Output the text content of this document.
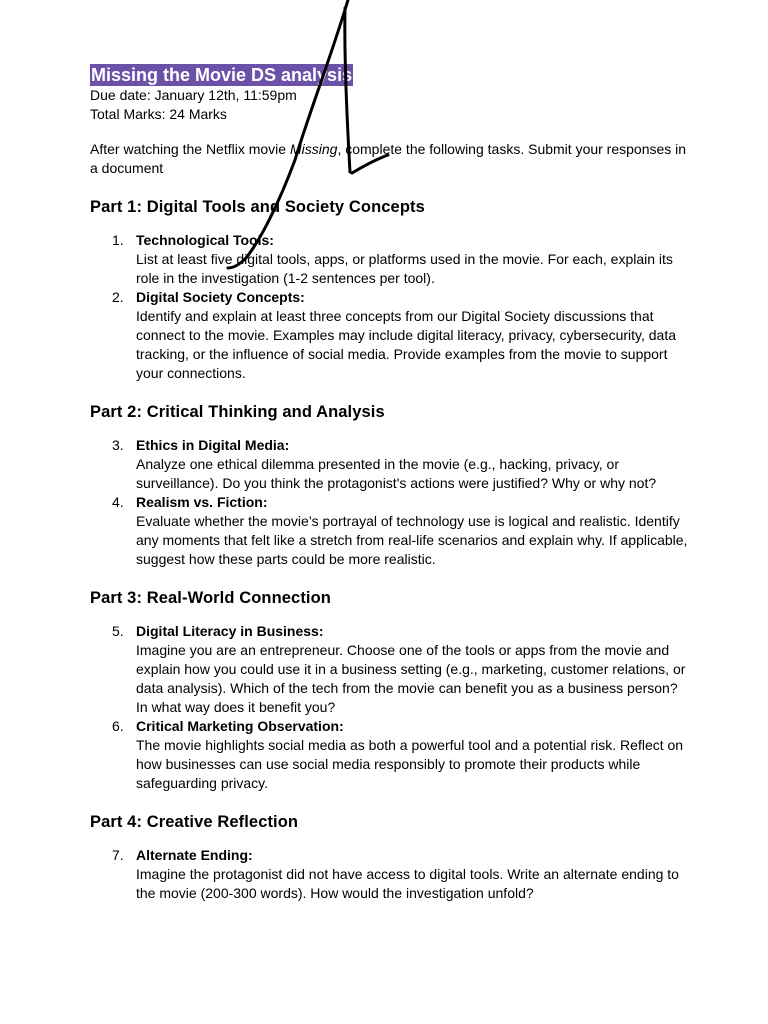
Missing the Movie DS analysis

Due date: January 12th, 11:59pm

Total Marks: 24 Marks

After watching the Netflix movie Missing, complete the following tasks. Submit your responses in a document

Part 1: Digital Tools and Society Concepts
1. Technological Tools:
List at least five digital tools, apps, or platforms used in the movie. For each, explain its role in the investigation (1-2 sentences per tool).
2. Digital Society Concepts:
Identify and explain at least three concepts from our Digital Society discussions that connect to the movie. Examples may include digital literacy, privacy, cybersecurity, data tracking, or the influence of social media. Provide examples from the movie to support your connections.
Part 2: Critical Thinking and Analysis
3. Ethics in Digital Media:
Analyze one ethical dilemma presented in the movie (e.g., hacking, privacy, or surveillance). Do you think the protagonist's actions were justified? Why or why not?
4. Realism vs. Fiction:
Evaluate whether the movie’s portrayal of technology use is logical and realistic. Identify any moments that felt like a stretch from real-life scenarios and explain why. If applicable, suggest how these parts could be more realistic.
Part 3: Real-World Connection
5. Digital Literacy in Business:
Imagine you are an entrepreneur. Choose one of the tools or apps from the movie and explain how you could use it in a business setting (e.g., marketing, customer relations, or data analysis). Which of the tech from the movie can benefit you as a business person? In what way does it benefit you?
6. Critical Marketing Observation:
The movie highlights social media as both a powerful tool and a potential risk. Reflect on how businesses can use social media responsibly to promote their products while safeguarding privacy.
Part 4: Creative Reflection
7. Alternate Ending:
Imagine the protagonist did not have access to digital tools. Write an alternate ending to the movie (200-300 words). How would the investigation unfold?
